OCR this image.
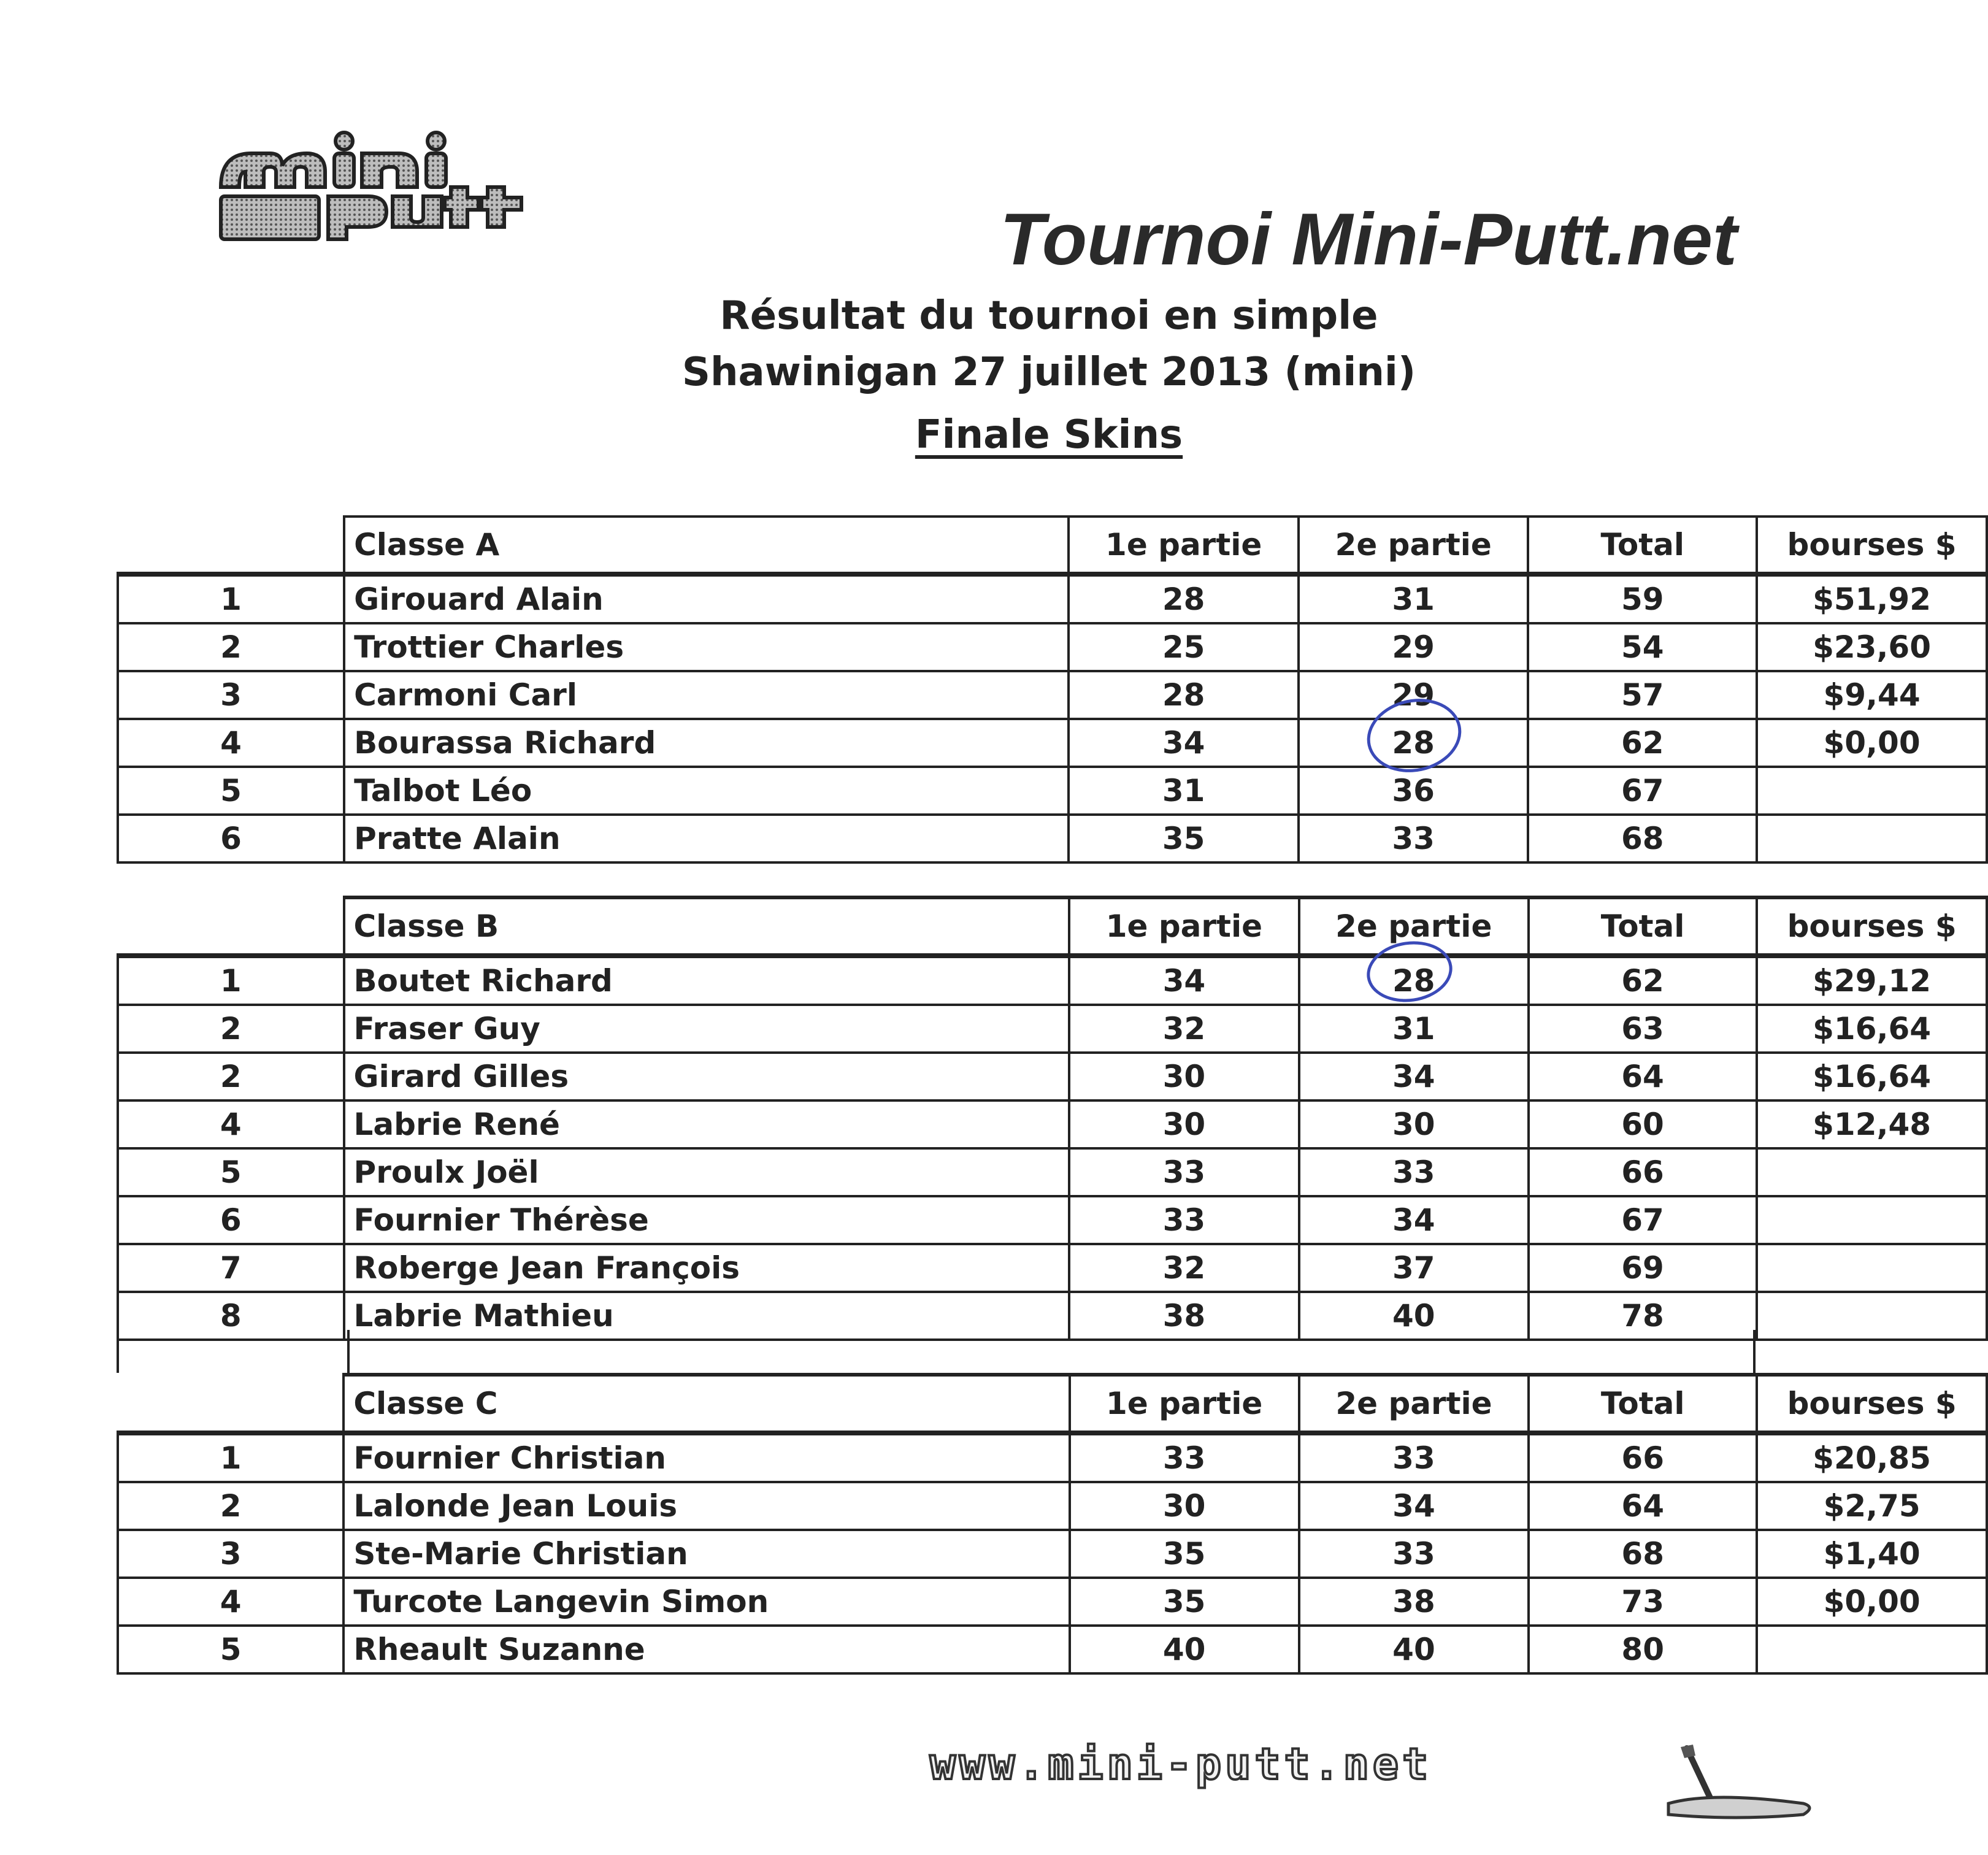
Tournoi Mini-Putt.net
Résultat du tournoi en simple
Shawinigan 27 juillet 2013 (mini)
Finale Skins
	Classe A	1e partie	2e partie	Total	bourses $
1	Girouard Alain	28	31	59	$51,92
2	Trottier Charles	25	29	54	$23,60
3	Carmoni Carl	28	29	57	$9,44
4	Bourassa Richard	34	28	62	$0,00
5	Talbot Léo	31	36	67	
6	Pratte Alain	35	33	68	
	Classe B	1e partie	2e partie	Total	bourses $
1	Boutet Richard	34	28	62	$29,12
2	Fraser Guy	32	31	63	$16,64
2	Girard Gilles	30	34	64	$16,64
4	Labrie René	30	30	60	$12,48
5	Proulx Joël	33	33	66	
6	Fournier Thérèse	33	34	67	
7	Roberge Jean François	32	37	69	
8	Labrie Mathieu	38	40	78	
	Classe C	1e partie	2e partie	Total	bourses $
1	Fournier Christian	33	33	66	$20,85
2	Lalonde Jean Louis	30	34	64	$2,75
3	Ste-Marie Christian	35	33	68	$1,40
4	Turcote Langevin Simon	35	38	73	$0,00
5	Rheault Suzanne	40	40	80	
www.mini-putt.net
